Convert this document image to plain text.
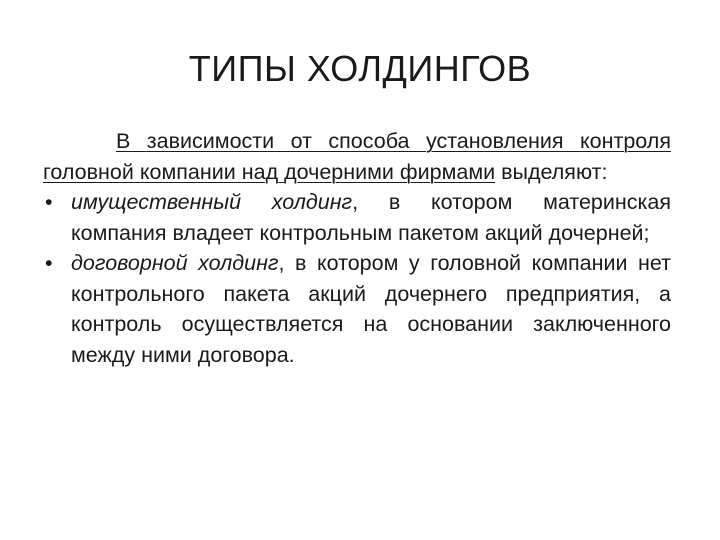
ТИПЫ ХОЛДИНГОВ

В зависимости от способа установления контроля головной компании над дочерними фирмами выделяют:

• имущественный холдинг, в котором материнская компания владеет контрольным пакетом акций дочерней;
• договорной холдинг, в котором у головной компании нет контрольного пакета акций дочернего предприятия, а контроль осуществляется на основании заключенного между ними договора.
